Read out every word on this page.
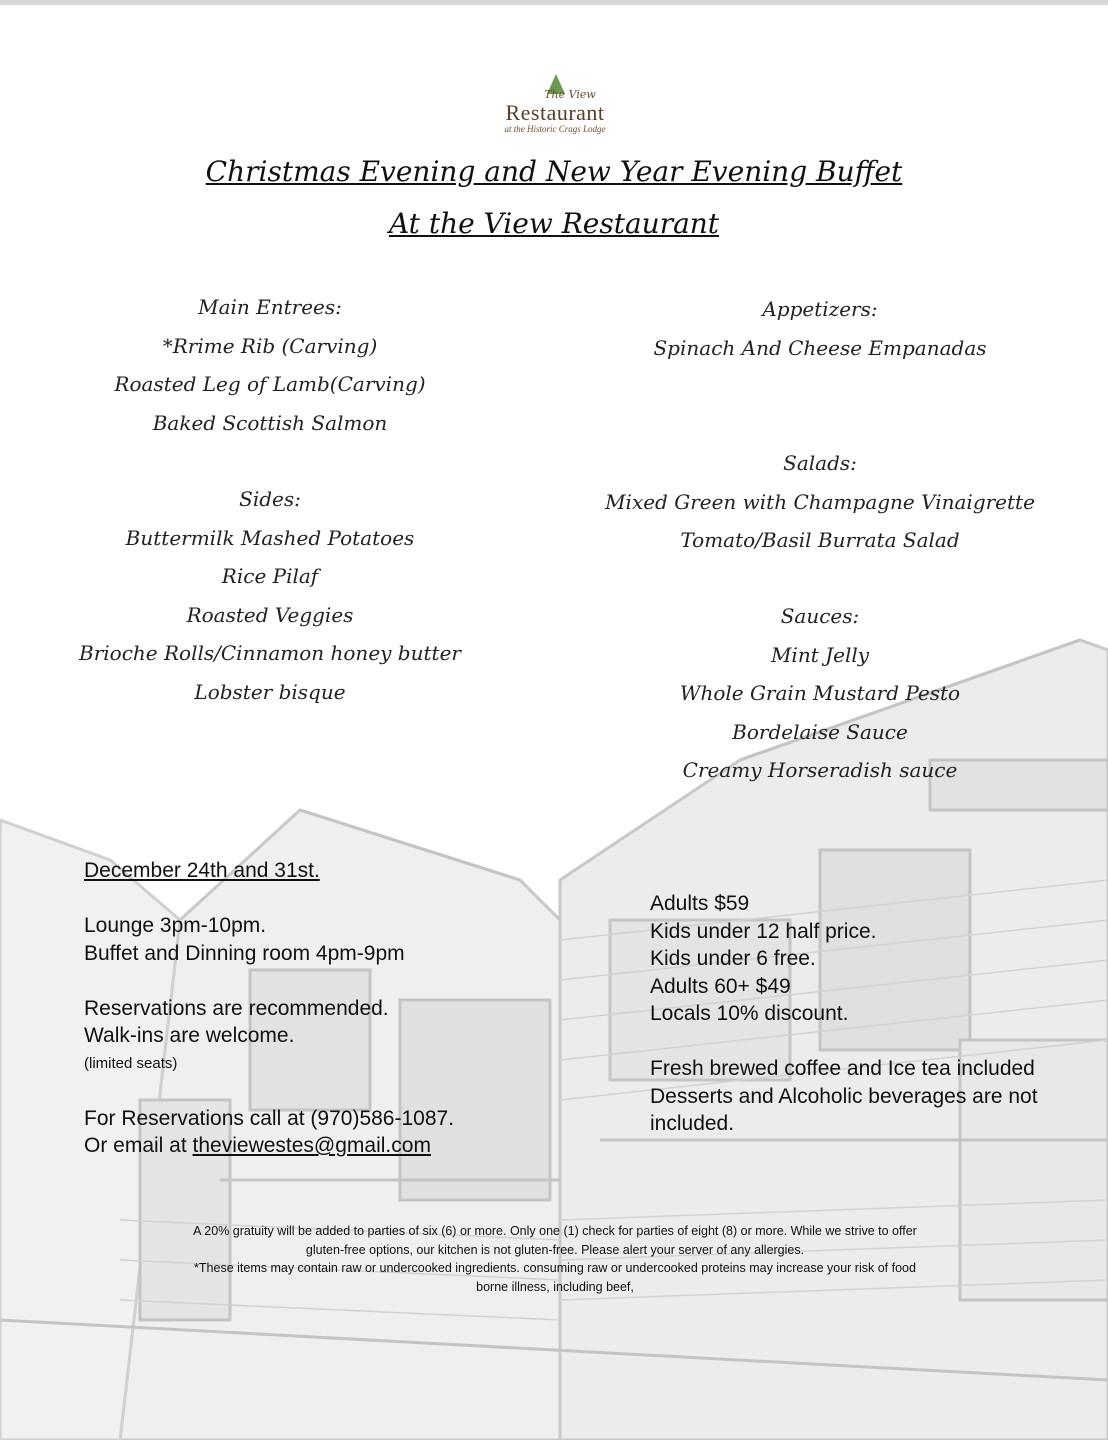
The View
Restaurant
at the Historic Crags Lodge
Christmas Evening and New Year Evening Buffet
At the View Restaurant
Main Entrees:
*Rrime Rib (Carving)
Roasted Leg of Lamb(Carving)
Baked Scottish Salmon
Sides:
Buttermilk Mashed Potatoes
Rice Pilaf
Roasted Veggies
Brioche Rolls/Cinnamon honey butter
Lobster bisque
Appetizers:
Spinach And Cheese Empanadas
Salads:
Mixed Green with Champagne Vinaigrette
Tomato/Basil Burrata Salad
Sauces:
Mint Jelly
Whole Grain Mustard Pesto
Bordelaise Sauce
Creamy Horseradish sauce
December 24th and 31st.
Lounge 3pm-10pm.
Buffet and Dinning room 4pm-9pm
Reservations are recommended.
Walk-ins are welcome.
(limited seats)
For Reservations call at (970)586-1087.
Or email at theviewestes@gmail.com
Adults $59
Kids under 12 half price.
Kids under 6 free.
Adults 60+ $49
Locals 10% discount.
Fresh brewed coffee and Ice tea included
Desserts and Alcoholic beverages are not
included.
A 20% gratuity will be added to parties of six (6) or more. Only one (1) check for parties of eight (8) or more. While we strive to offer
gluten-free options, our kitchen is not gluten-free. Please alert your server of any allergies.
*These items may contain raw or undercooked ingredients. consuming raw or undercooked proteins may increase your risk of food
borne illness, including beef,
